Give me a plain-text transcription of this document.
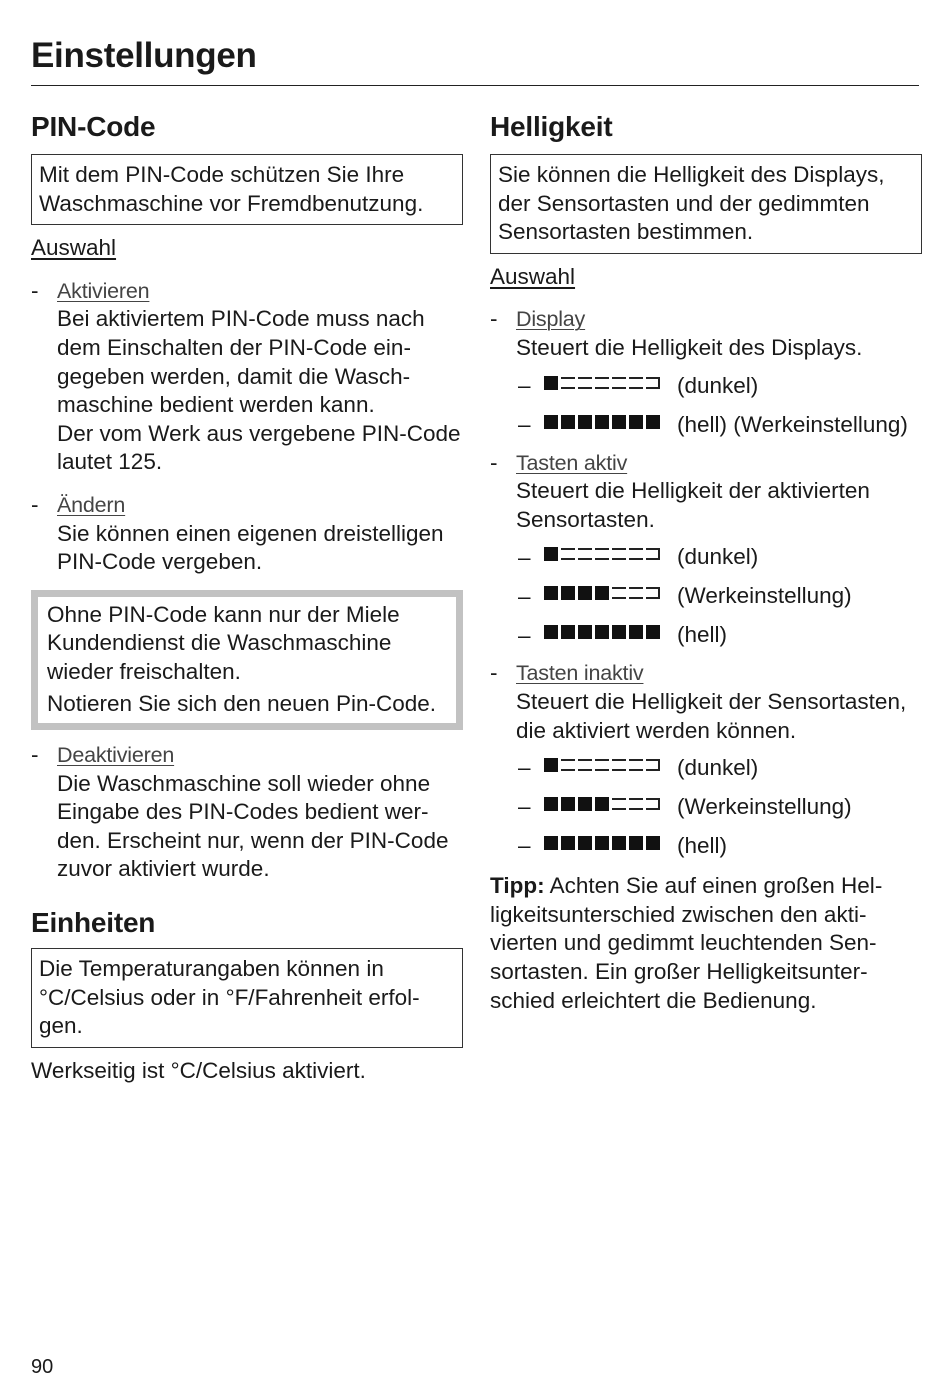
Einstellungen
PIN-Code
Mit dem PIN-Code schützen Sie Ihre Waschmaschine vor Fremdbenutzung.
Auswahl
- Aktivieren
Bei aktiviertem PIN-Code muss nach dem Einschalten der PIN-Code eingegeben werden, damit die Waschmaschine bedient werden kann.
Der vom Werk aus vergebene PIN-Code lautet 125.
- Ändern
Sie können einen eigenen dreistelligen PIN-Code vergeben.
Ohne PIN-Code kann nur der Miele Kundendienst die Waschmaschine wieder freischalten.
Notieren Sie sich den neuen Pin-Code.
- Deaktivieren
Die Waschmaschine soll wieder ohne Eingabe des PIN-Codes bedient werden. Erscheint nur, wenn der PIN-Code zuvor aktiviert wurde.
Einheiten
Die Temperaturangaben können in °C/Celsius oder in °F/Fahrenheit erfolgen.
Werkseitig ist °C/Celsius aktiviert.
Helligkeit
Sie können die Helligkeit des Displays, der Sensortasten und der gedimmten Sensortasten bestimmen.
Auswahl
- Display
Steuert die Helligkeit des Displays.
–	(dunkel)
–	(hell) (Werkeinstellung)
- Tasten aktiv
Steuert die Helligkeit der aktivierten Sensortasten.
–	(dunkel)
–	(Werkeinstellung)
–	(hell)
- Tasten inaktiv
Steuert die Helligkeit der Sensortasten, die aktiviert werden können.
–	(dunkel)
–	(Werkeinstellung)
–	(hell)
Tipp: Achten Sie auf einen großen Helligkeitsunterschied zwischen den aktivierten und gedimmt leuchtenden Sensortasten. Ein großer Helligkeitsunterschied erleichtert die Bedienung.
90
